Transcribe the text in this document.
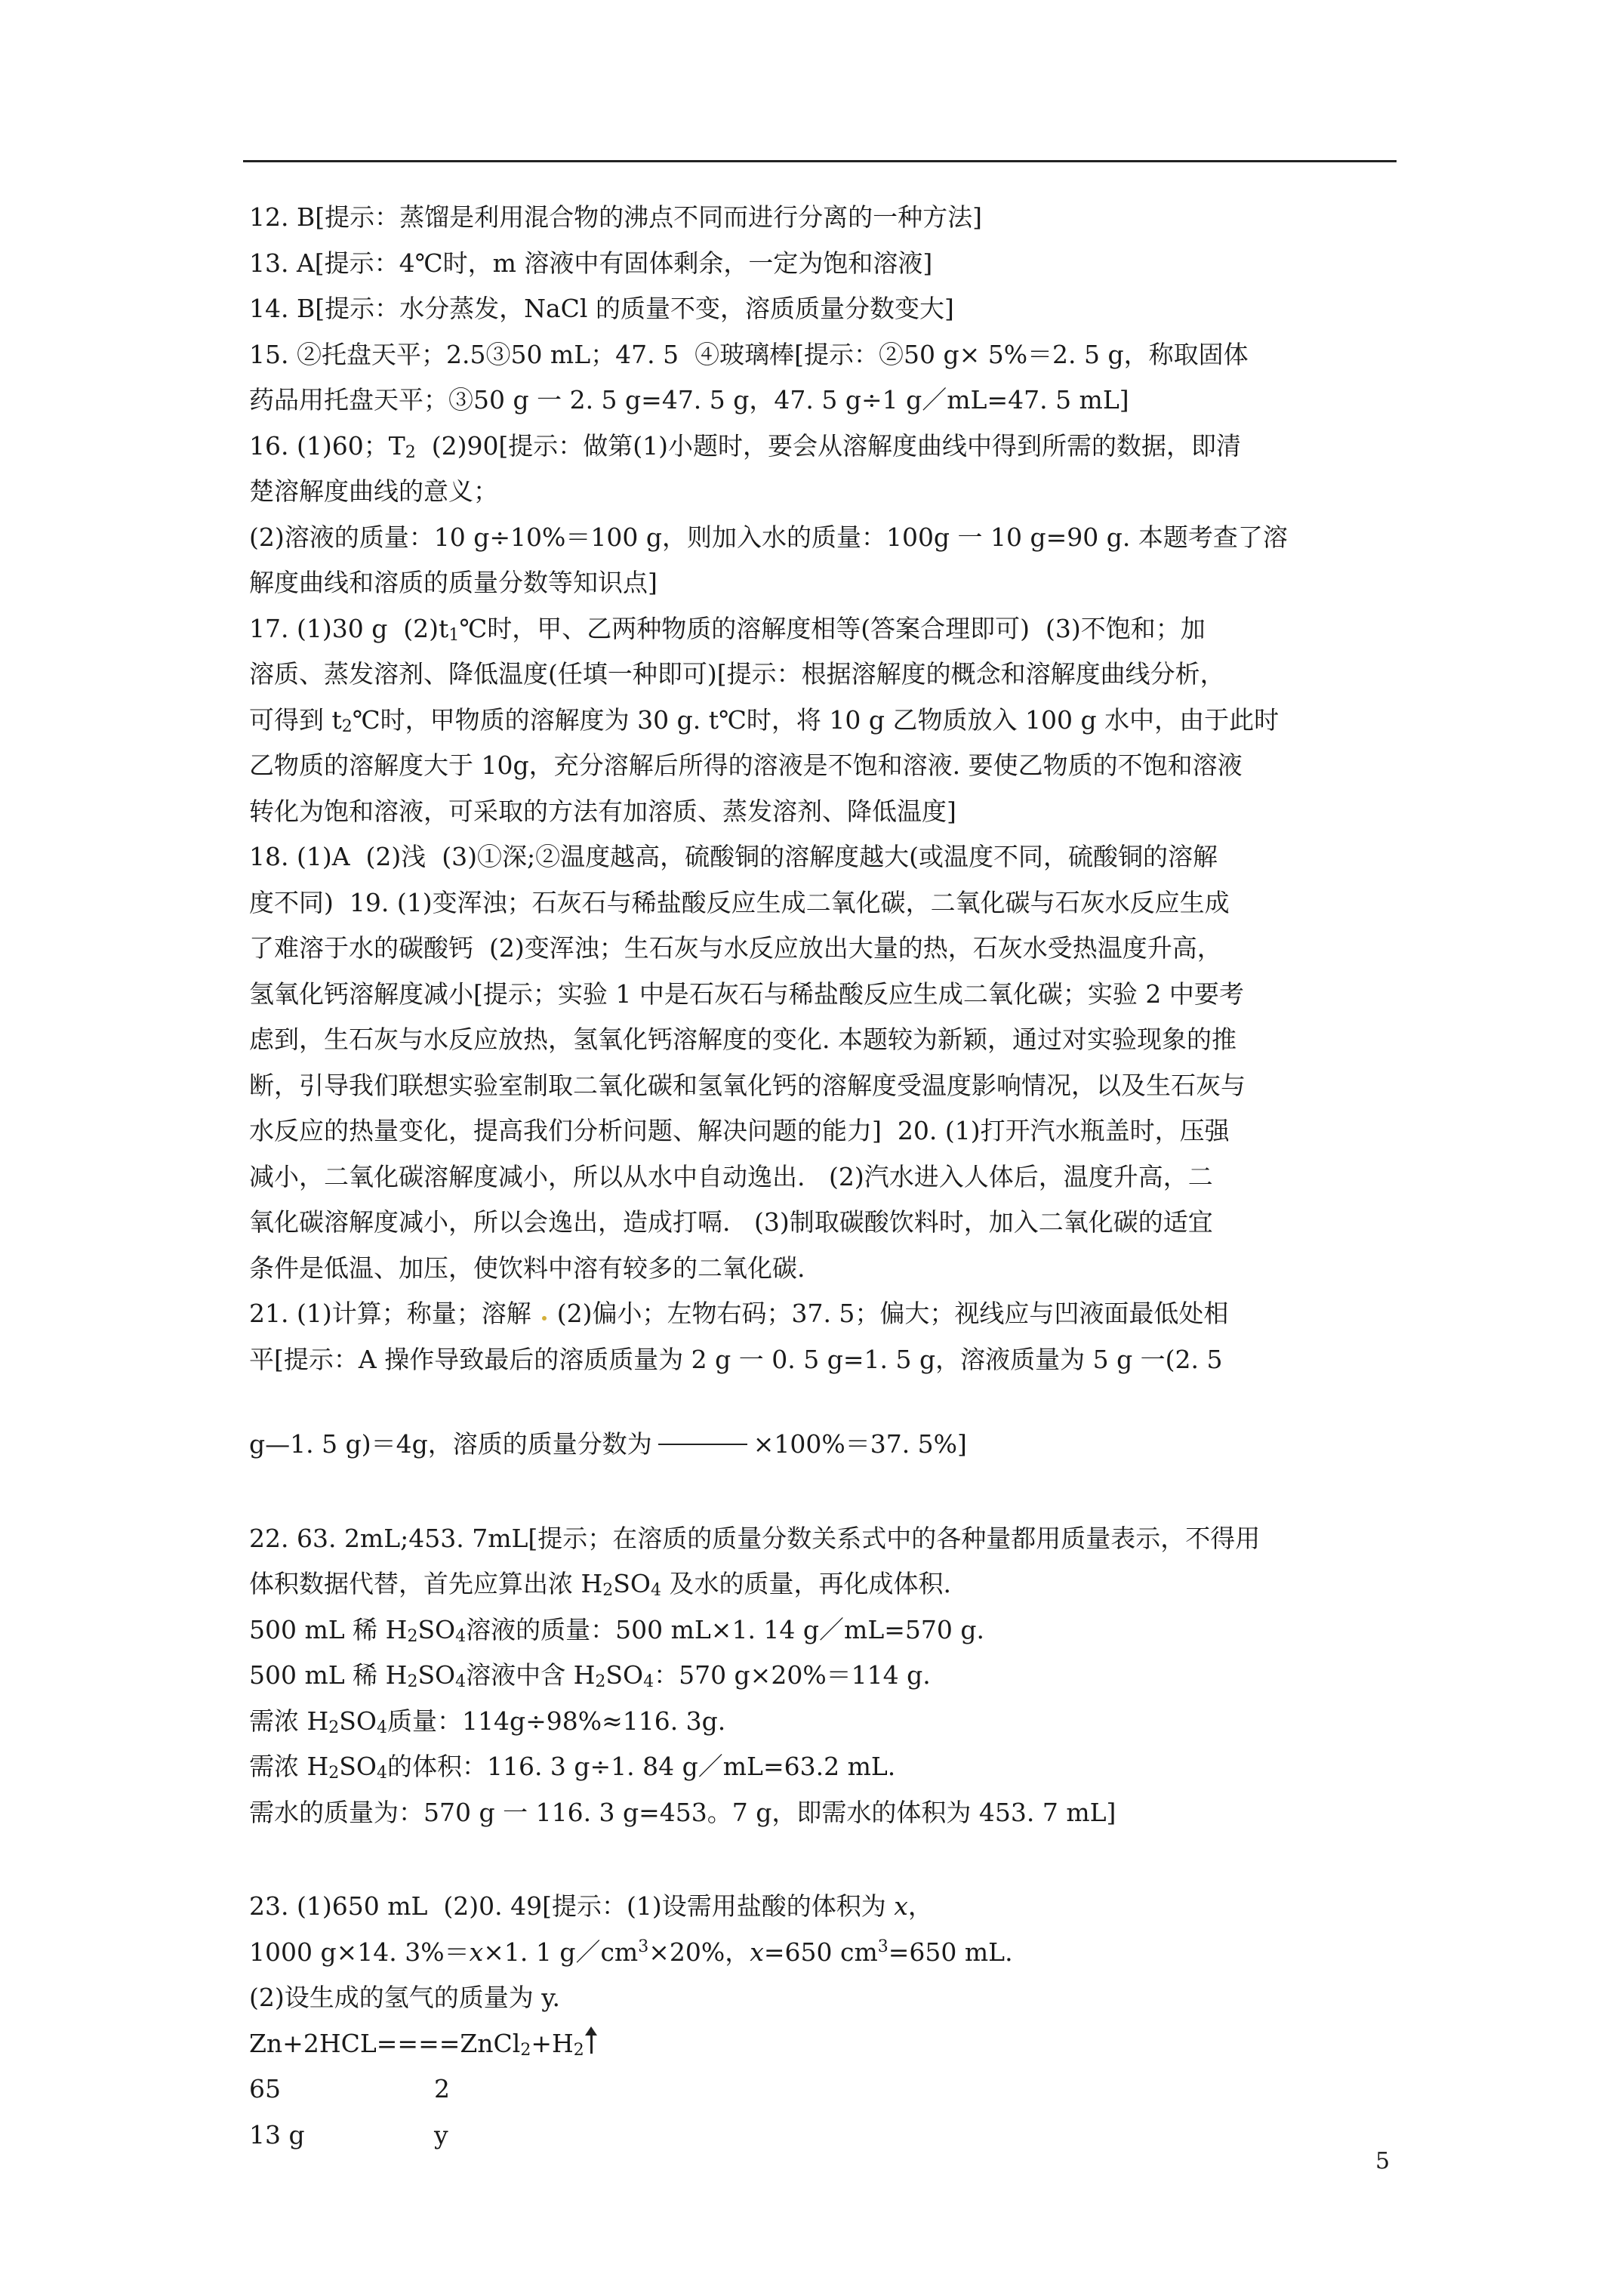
12. B[提示：蒸馏是利用混合物的沸点不同而进行分离的一种方法]
13. A[提示：4℃时，m 溶液中有固体剩余，一定为饱和溶液]
14. B[提示：水分蒸发，NaCl 的质量不变，溶质质量分数变大]
15. ②托盘天平；2.5③50 mL；47. 5  ④玻璃棒[提示：②50 g× 5%＝2. 5 g，称取固体
药品用托盘天平；③50 g 一 2. 5 g=47. 5 g，47. 5 g÷1 g／mL=47. 5 mL]
16. (1)60；$T_2$  (2)90[提示：做第(1)小题时，要会从溶解度曲线中得到所需的数据，即清
楚溶解度曲线的意义；
(2)溶液的质量：10 g÷10%＝100 g，则加入水的质量：100g 一 10 g=90 g. 本题考查了溶
解度曲线和溶质的质量分数等知识点]
17. (1)30 g  $(2)t_1℃$时，甲、乙两种物质的溶解度相等(答案合理即可)  (3)不饱和；加
溶质、蒸发溶剂、降低温度(任填一种即可)[提示：根据溶解度的概念和溶解度曲线分析，
可得到 $t_2℃$时，甲物质的溶解度为 30 g. t℃时，将 10 g 乙物质放入 100 g 水中，由于此时
乙物质的溶解度大于 10g，充分溶解后所得的溶液是不饱和溶液. 要使乙物质的不饱和溶液
转化为饱和溶液，可采取的方法有加溶质、蒸发溶剂、降低温度]
18. (1)A  (2)浅  (3)①深;②温度越高，硫酸铜的溶解度越大(或温度不同，硫酸铜的溶解
度不同)  19. (1)变浑浊；石灰石与稀盐酸反应生成二氧化碳，二氧化碳与石灰水反应生成
了难溶于水的碳酸钙  (2)变浑浊；生石灰与水反应放出大量的热，石灰水受热温度升高，
氢氧化钙溶解度减小[提示；实验 1 中是石灰石与稀盐酸反应生成二氧化碳；实验 2 中要考
虑到，生石灰与水反应放热，氢氧化钙溶解度的变化. 本题较为新颖，通过对实验现象的推
断，引导我们联想实验室制取二氧化碳和氢氧化钙的溶解度受温度影响情况，以及生石灰与
水反应的热量变化，提高我们分析问题、解决问题的能力]  20. (1)打开汽水瓶盖时，压强
减小，二氧化碳溶解度减小，所以从水中自动逸出.   (2)汽水进入人体后，温度升高，二
氧化碳溶解度减小，所以会逸出，造成打嗝.   (3)制取碳酸饮料时，加入二氧化碳的适宜
条件是低温、加压，使饮料中溶有较多的二氧化碳.
21. (1)计算；称量；溶解 (2)偏小；左物右码；37. 5；偏大；视线应与凹液面最低处相
平[提示：A 操作导致最后的溶质质量为 2 g 一 0. 5 g=1. 5 g，溶液质量为 5 g 一(2. 5
g—1. 5 g)＝4g，溶质的质量分数为	×100%＝37. 5%]
22. 63. 2mL;453. 7mL[提示；在溶质的质量分数关系式中的各种量都用质量表示，不得用
体积数据代替，首先应算出浓 $H_2SO_4$ 及水的质量，再化成体积.
500 mL 稀 $H_2SO_4$溶液的质量：500 mL×1. 14 g／mL=570 g.
500 mL 稀 $H_2SO_4$溶液中含 $H_2SO_4$：570 g×20%＝114 g.
需浓 $H_2SO_4$质量：114g÷98%≈116. 3g.
需浓 $H_2SO_4$的体积：116. 3 g÷1. 84 g／mL=63.2 mL.
需水的质量为：570 g 一 116. 3 g=453。7 g，即需水的体积为 453. 7 mL]
23. (1)650 mL  (2)0. 49[提示：(1)设需用盐酸的体积为 x，
1000 g×14. 3%＝x×1. 1 $g/cm^3\times 20\%$，x=650 $cm^3=650$ mL.
(2)设生成的氢气的质量为 y.
$Zn+2HCL====ZnCl_2+H_2$
65	2
13 g	y
5
